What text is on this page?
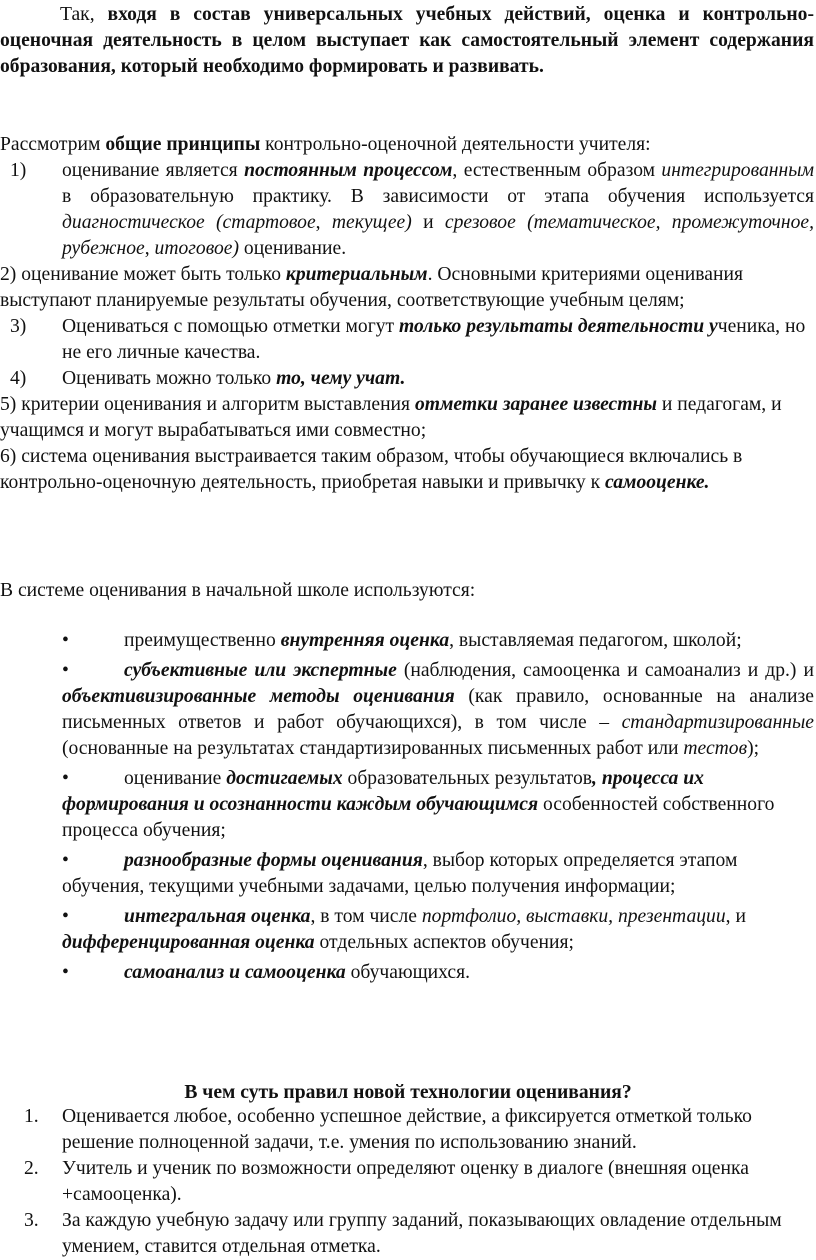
Так, входя в состав универсальных учебных действий, оценка и контрольно-оценочная деятельность в целом выступает как самостоятельный элемент содержания образования, который необходимо формировать и развивать.

Рассмотрим общие принципы контрольно-оценочной деятельности учителя:

1) оценивание является постоянным процессом, естественным образом интегрированным в образовательную практику. В зависимости от этапа обучения используется диагностическое (стартовое, текущее) и срезовое (тематическое, промежуточное, рубежное, итоговое) оценивание.

2) оценивание может быть только критериальным. Основными критериями оценивания выступают планируемые результаты обучения, соответствующие учебным целям;

3) Оцениваться с помощью отметки могут только результаты деятельности ученика, но не его личные качества.

4) Оценивать можно только то, чему учат.

5) критерии оценивания и алгоритм выставления отметки заранее известны и педагогам, и учащимся и могут вырабатываться ими совместно;

6) система оценивания выстраивается таким образом, чтобы обучающиеся включались в контрольно-оценочную деятельность, приобретая навыки и привычку к самооценке.

В системе оценивания в начальной школе используются:

•	преимущественно внутренняя оценка, выставляемая педагогом, школой;

•	субъективные или экспертные (наблюдения, самооценка и самоанализ и др.) и объективизированные методы оценивания (как правило, основанные на анализе письменных ответов и работ обучающихся), в том числе – стандартизированные (основанные на результатах стандартизированных письменных работ или тестов);

•	оценивание достигаемых образовательных результатов, процесса их формирования и осознанности каждым обучающимся особенностей собственного процесса обучения;

•	разнообразные формы оценивания, выбор которых определяется этапом обучения, текущими учебными задачами, целью получения информации;

•	интегральная оценка, в том числе портфолио, выставки, презентации, и дифференцированная оценка отдельных аспектов обучения;

•	самоанализ и самооценка обучающихся.

В чем суть правил новой технологии оценивания?

1. Оценивается любое, особенно успешное действие, а фиксируется отметкой только решение полноценной задачи, т.е. умения по использованию знаний.

2. Учитель и ученик по возможности определяют оценку в диалоге (внешняя оценка +самооценка).

3. За каждую учебную задачу или группу заданий, показывающих овладение отдельным умением, ставится отдельная отметка.
